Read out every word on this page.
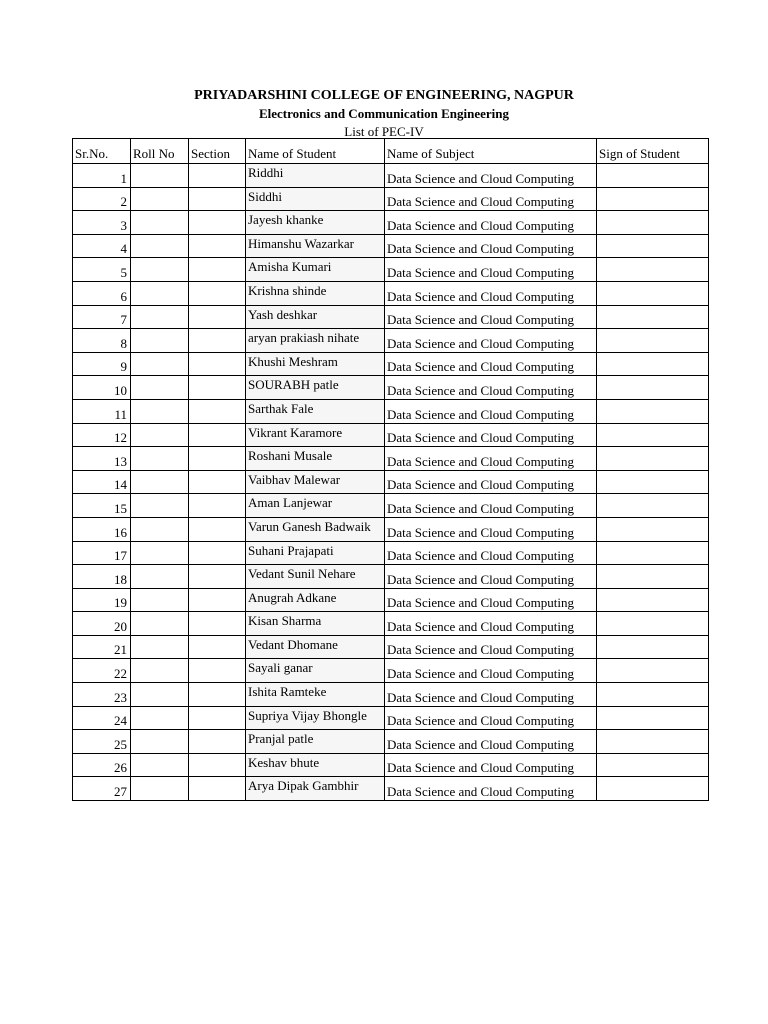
PRIYADARSHINI COLLEGE OF ENGINEERING, NAGPUR
Electronics and Communication Engineering
List of PEC-IV
Sr.No.	Roll No	Section	Name of Student	Name of Subject	Sign of Student
1			Riddhi	Data Science and Cloud Computing	
2			Siddhi	Data Science and Cloud Computing	
3			Jayesh khanke	Data Science and Cloud Computing	
4			Himanshu Wazarkar	Data Science and Cloud Computing	
5			Amisha Kumari	Data Science and Cloud Computing	
6			Krishna shinde	Data Science and Cloud Computing	
7			Yash deshkar	Data Science and Cloud Computing	
8			aryan prakiash nihate	Data Science and Cloud Computing	
9			Khushi Meshram	Data Science and Cloud Computing	
10			SOURABH patle	Data Science and Cloud Computing	
11			Sarthak Fale	Data Science and Cloud Computing	
12			Vikrant Karamore	Data Science and Cloud Computing	
13			Roshani Musale	Data Science and Cloud Computing	
14			Vaibhav Malewar	Data Science and Cloud Computing	
15			Aman Lanjewar	Data Science and Cloud Computing	
16			Varun Ganesh Badwaik	Data Science and Cloud Computing	
17			Suhani Prajapati	Data Science and Cloud Computing	
18			Vedant Sunil Nehare	Data Science and Cloud Computing	
19			Anugrah Adkane	Data Science and Cloud Computing	
20			Kisan Sharma	Data Science and Cloud Computing	
21			Vedant Dhomane	Data Science and Cloud Computing	
22			Sayali ganar	Data Science and Cloud Computing	
23			Ishita Ramteke	Data Science and Cloud Computing	
24			Supriya Vijay Bhongle	Data Science and Cloud Computing	
25			Pranjal patle	Data Science and Cloud Computing	
26			Keshav bhute	Data Science and Cloud Computing	
27			Arya Dipak Gambhir	Data Science and Cloud Computing	
